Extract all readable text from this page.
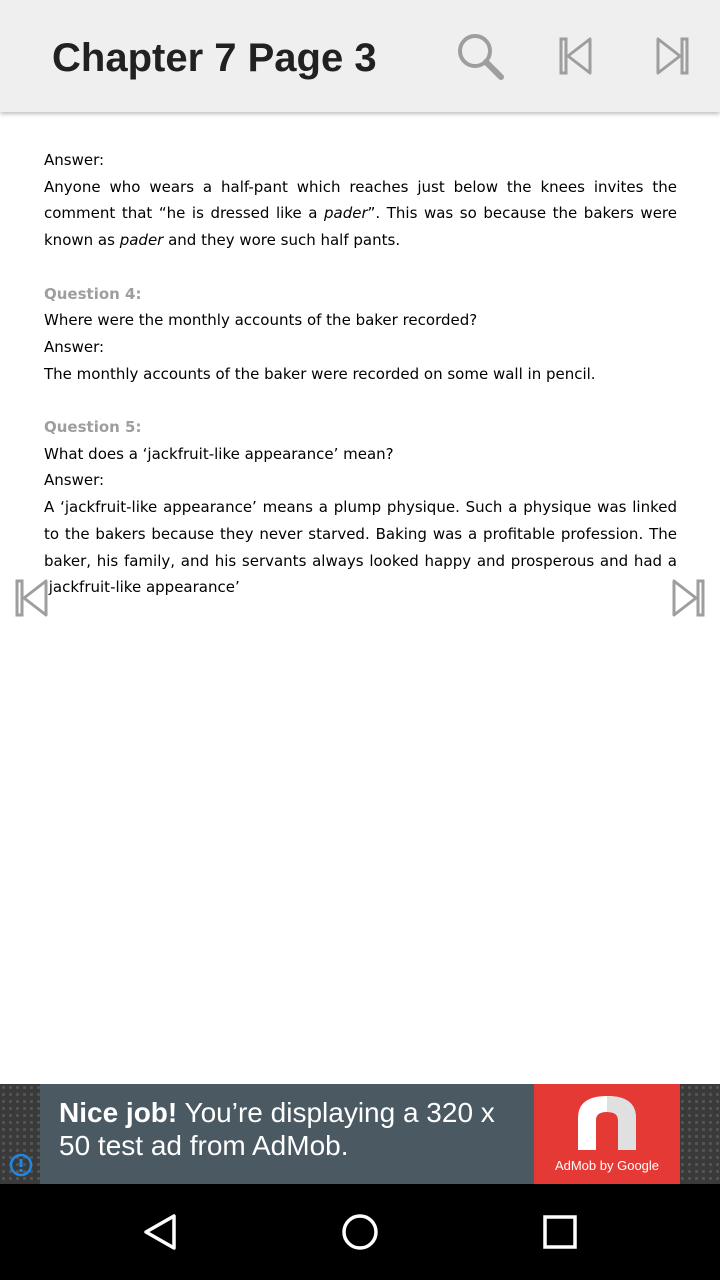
Chapter 7 Page 3

Answer:

Anyone who wears a half-pant which reaches just below the knees invites the comment that “he is dressed like a pader”. This was so because the bakers were known as pader and they wore such half pants.

Question 4:

Where were the monthly accounts of the baker recorded?

Answer:

The monthly accounts of the baker were recorded on some wall in pencil.

Question 5:

What does a ‘jackfruit-like appearance’ mean?

Answer:

A ‘jackfruit-like appearance’ means a plump physique. Such a physique was linked to the bakers because they never starved. Baking was a profitable profession. The baker, his family, and his servants always looked happy and prosperous and had a ‘jackfruit-like appearance’

Nice job! You’re displaying a 320 x 50 test ad from AdMob.
AdMob by Google
